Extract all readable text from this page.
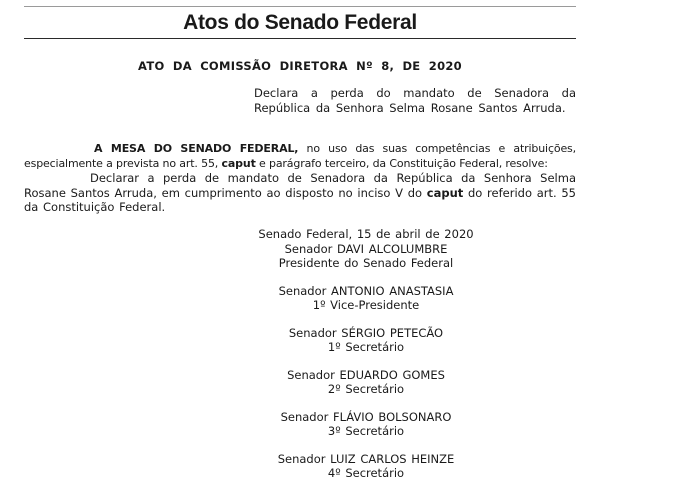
Atos do Senado Federal
ATO DA COMISSÃO DIRETORA Nº 8, DE 2020
Declara a perda do mandato de Senadora da República da Senhora Selma Rosane Santos Arruda.
A MESA DO SENADO FEDERAL, no uso das suas competências e atribuições, especialmente a prevista no art. 55, caput e parágrafo terceiro, da Constituição Federal, resolve:
Declarar a perda de mandato de Senadora da República da Senhora Selma Rosane Santos Arruda, em cumprimento ao disposto no inciso V do caput do referido art. 55 da Constituição Federal.
Senado Federal, 15 de abril de 2020
Senador DAVI ALCOLUMBRE
Presidente do Senado Federal
Senador ANTONIO ANASTASIA
1º Vice-Presidente
Senador SÉRGIO PETECÃO
1º Secretário
Senador EDUARDO GOMES
2º Secretário
Senador FLÁVIO BOLSONARO
3º Secretário
Senador LUIZ CARLOS HEINZE
4º Secretário
